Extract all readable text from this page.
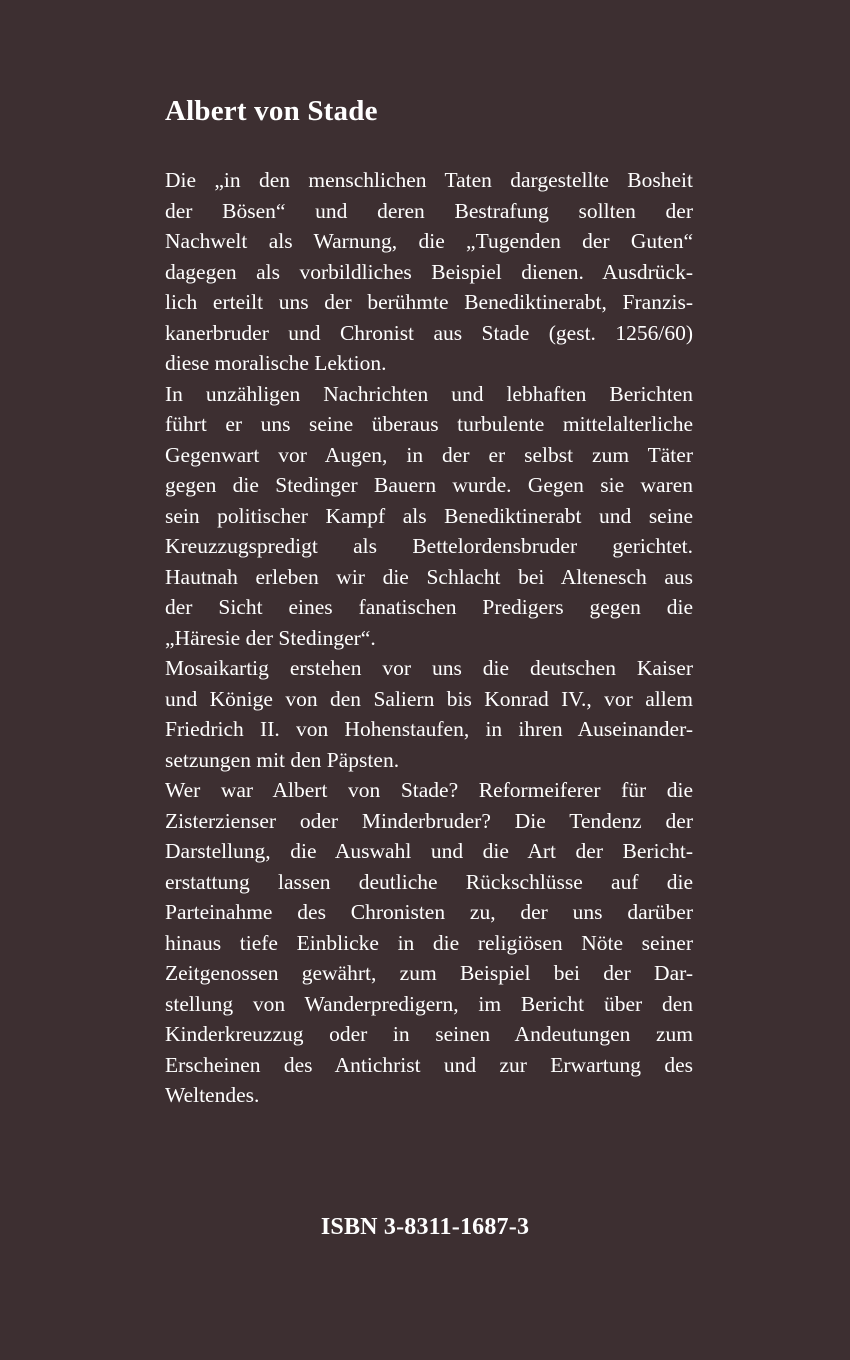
Albert von Stade
Die „in den menschlichen Taten dargestellte Bosheit
der Bösen“ und deren Bestrafung sollten der
Nachwelt als Warnung, die „Tugenden der Guten“
dagegen als vorbildliches Beispiel dienen. Ausdrück-
lich erteilt uns der berühmte Benediktinerabt, Franzis-
kanerbruder und Chronist aus Stade (gest. 1256/60)
diese moralische Lektion.
In unzähligen Nachrichten und lebhaften Berichten
führt er uns seine überaus turbulente mittelalterliche
Gegenwart vor Augen, in der er selbst zum Täter
gegen die Stedinger Bauern wurde. Gegen sie waren
sein politischer Kampf als Benediktinerabt und seine
Kreuzzugspredigt als Bettelordensbruder gerichtet.
Hautnah erleben wir die Schlacht bei Altenesch aus
der Sicht eines fanatischen Predigers gegen die
„Häresie der Stedinger“.
Mosaikartig erstehen vor uns die deutschen Kaiser
und Könige von den Saliern bis Konrad IV., vor allem
Friedrich II. von Hohenstaufen, in ihren Auseinander-
setzungen mit den Päpsten.
Wer war Albert von Stade? Reformeiferer für die
Zisterzienser oder Minderbruder? Die Tendenz der
Darstellung, die Auswahl und die Art der Bericht-
erstattung lassen deutliche Rückschlüsse auf die
Parteinahme des Chronisten zu, der uns darüber
hinaus tiefe Einblicke in die religiösen Nöte seiner
Zeitgenossen gewährt, zum Beispiel bei der Dar-
stellung von Wanderpredigern, im Bericht über den
Kinderkreuzzug oder in seinen Andeutungen zum
Erscheinen des Antichrist und zur Erwartung des
Weltendes.
ISBN 3-8311-1687-3
